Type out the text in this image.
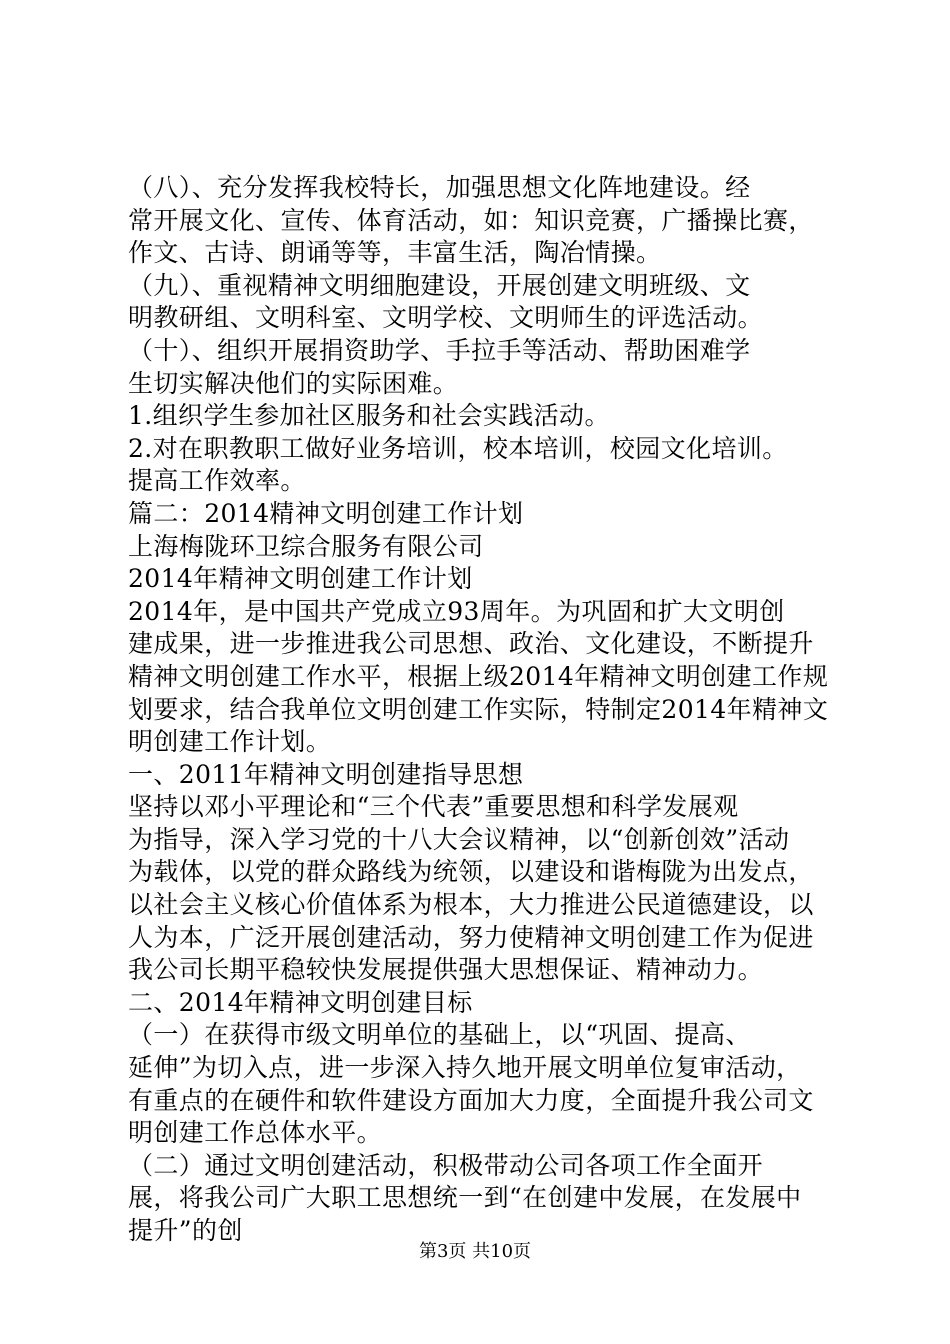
（八）、充分发挥我校特长，加强思想文化阵地建设。经
常开展文化、宣传、体育活动，如：知识竞赛，广播操比赛，
作文、古诗、朗诵等等，丰富生活，陶冶情操。

（九）、重视精神文明细胞建设，开展创建文明班级、文
明教研组、文明科室、文明学校、文明师生的评选活动。

（十）、组织开展捐资助学、手拉手等活动、帮助困难学
生切实解决他们的实际困难。

1.组织学生参加社区服务和社会实践活动。

2.对在职教职工做好业务培训，校本培训，校园文化培训。
提高工作效率。

篇二：2014精神文明创建工作计划

上海梅陇环卫综合服务有限公司

2014年精神文明创建工作计划

2014年，是中国共产党成立93周年。为巩固和扩大文明创
建成果，进一步推进我公司思想、政治、文化建设，不断提升
精神文明创建工作水平，根据上级2014年精神文明创建工作规
划要求，结合我单位文明创建工作实际，特制定2014年精神文
明创建工作计划。

一、2011年精神文明创建指导思想

坚持以邓小平理论和“三个代表”重要思想和科学发展观
为指导，深入学习党的十八大会议精神，以“创新创效”活动
为载体，以党的群众路线为统领，以建设和谐梅陇为出发点，
以社会主义核心价值体系为根本，大力推进公民道德建设，以
人为本，广泛开展创建活动，努力使精神文明创建工作为促进
我公司长期平稳较快发展提供强大思想保证、精神动力。

二、2014年精神文明创建目标

（一）在获得市级文明单位的基础上，以“巩固、提高、
延伸”为切入点，进一步深入持久地开展文明单位复审活动，
有重点的在硬件和软件建设方面加大力度，全面提升我公司文
明创建工作总体水平。

（二）通过文明创建活动，积极带动公司各项工作全面开
展，将我公司广大职工思想统一到“在创建中发展，在发展中
提升”的创

第3页 共10页
